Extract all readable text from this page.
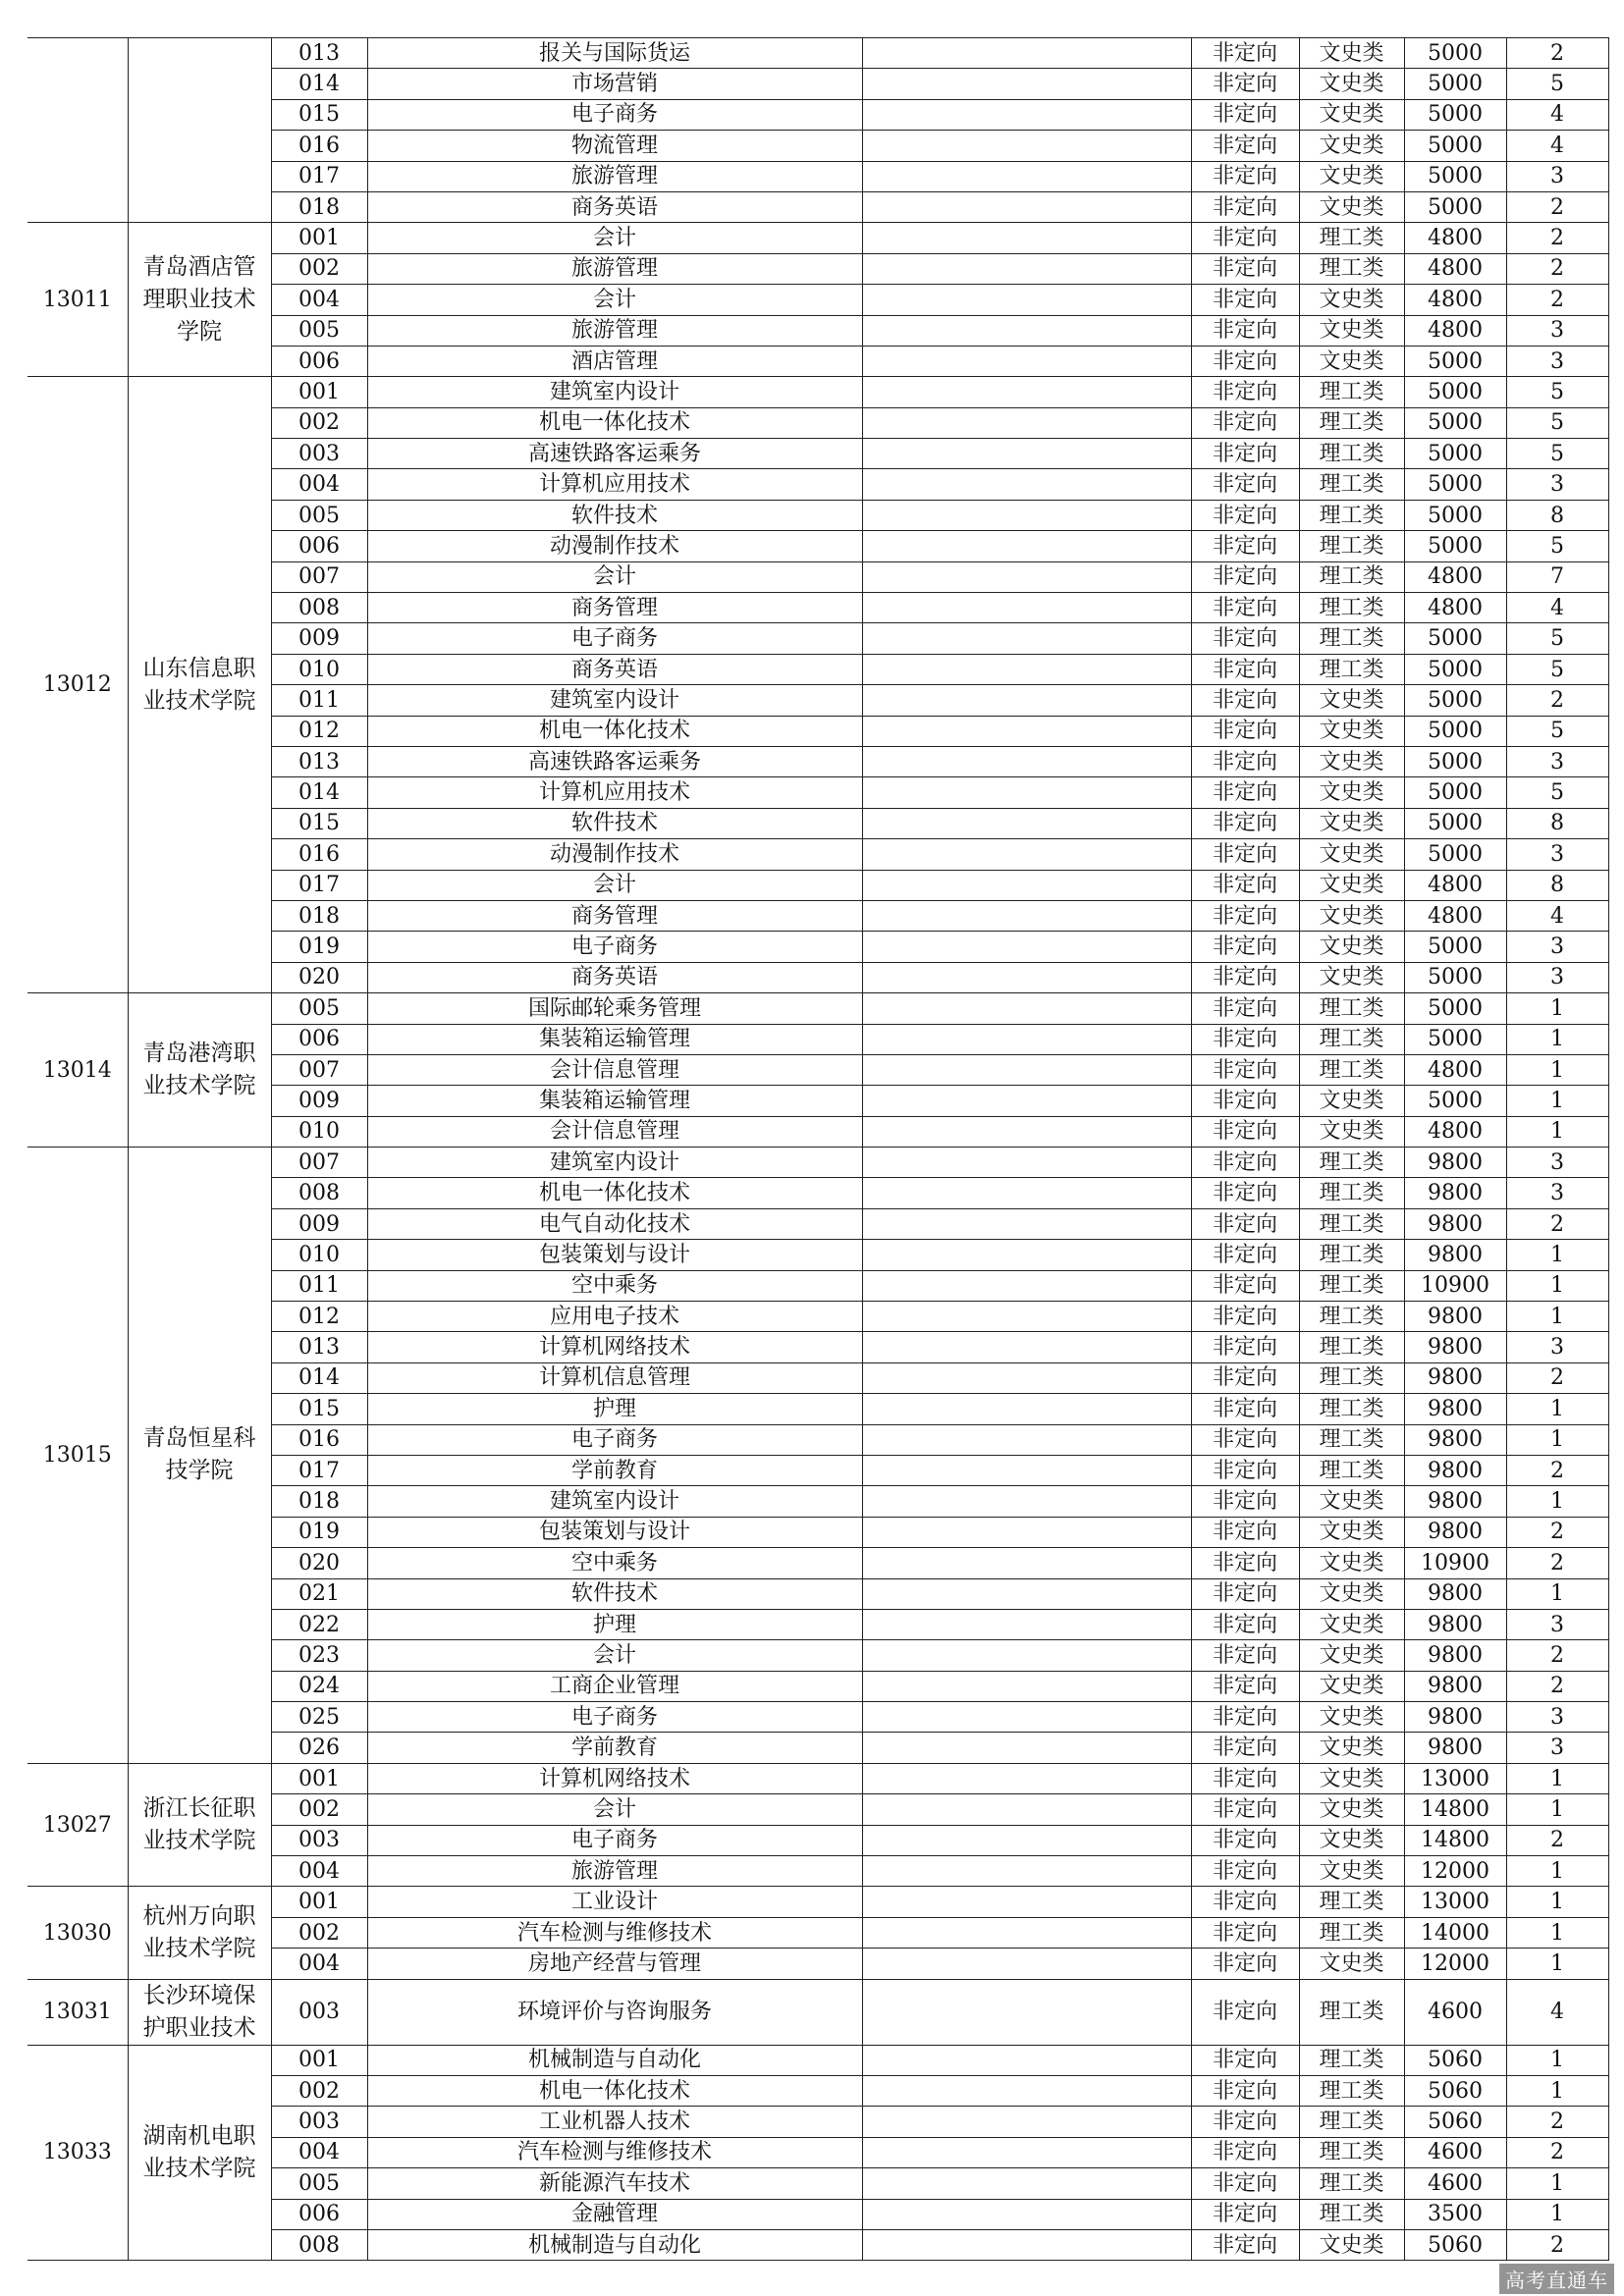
		013	报关与国际货运		非定向	文史类	5000	2
		014	市场营销		非定向	文史类	5000	5
		015	电子商务		非定向	文史类	5000	4
		016	物流管理		非定向	文史类	5000	4
		017	旅游管理		非定向	文史类	5000	3
		018	商务英语		非定向	文史类	5000	2
13011	青岛酒店管理职业技术学院	001	会计		非定向	理工类	4800	2
		002	旅游管理		非定向	理工类	4800	2
		004	会计		非定向	文史类	4800	2
		005	旅游管理		非定向	文史类	4800	3
		006	酒店管理		非定向	文史类	5000	3
13012	山东信息职业技术学院	001	建筑室内设计		非定向	理工类	5000	5
		002	机电一体化技术		非定向	理工类	5000	5
		003	高速铁路客运乘务		非定向	理工类	5000	5
		004	计算机应用技术		非定向	理工类	5000	3
		005	软件技术		非定向	理工类	5000	8
		006	动漫制作技术		非定向	理工类	5000	5
		007	会计		非定向	理工类	4800	7
		008	商务管理		非定向	理工类	4800	4
		009	电子商务		非定向	理工类	5000	5
		010	商务英语		非定向	理工类	5000	5
		011	建筑室内设计		非定向	文史类	5000	2
		012	机电一体化技术		非定向	文史类	5000	5
		013	高速铁路客运乘务		非定向	文史类	5000	3
		014	计算机应用技术		非定向	文史类	5000	5
		015	软件技术		非定向	文史类	5000	8
		016	动漫制作技术		非定向	文史类	5000	3
		017	会计		非定向	文史类	4800	8
		018	商务管理		非定向	文史类	4800	4
		019	电子商务		非定向	文史类	5000	3
		020	商务英语		非定向	文史类	5000	3
13014	青岛港湾职业技术学院	005	国际邮轮乘务管理		非定向	理工类	5000	1
		006	集装箱运输管理		非定向	理工类	5000	1
		007	会计信息管理		非定向	理工类	4800	1
		009	集装箱运输管理		非定向	文史类	5000	1
		010	会计信息管理		非定向	文史类	4800	1
13015	青岛恒星科技学院	007	建筑室内设计		非定向	理工类	9800	3
		008	机电一体化技术		非定向	理工类	9800	3
		009	电气自动化技术		非定向	理工类	9800	2
		010	包装策划与设计		非定向	理工类	9800	1
		011	空中乘务		非定向	理工类	10900	1
		012	应用电子技术		非定向	理工类	9800	1
		013	计算机网络技术		非定向	理工类	9800	3
		014	计算机信息管理		非定向	理工类	9800	2
		015	护理		非定向	理工类	9800	1
		016	电子商务		非定向	理工类	9800	1
		017	学前教育		非定向	理工类	9800	2
		018	建筑室内设计		非定向	文史类	9800	1
		019	包装策划与设计		非定向	文史类	9800	2
		020	空中乘务		非定向	文史类	10900	2
		021	软件技术		非定向	文史类	9800	1
		022	护理		非定向	文史类	9800	3
		023	会计		非定向	文史类	9800	2
		024	工商企业管理		非定向	文史类	9800	2
		025	电子商务		非定向	文史类	9800	3
		026	学前教育		非定向	文史类	9800	3
13027	浙江长征职业技术学院	001	计算机网络技术		非定向	文史类	13000	1
		002	会计		非定向	文史类	14800	1
		003	电子商务		非定向	文史类	14800	2
		004	旅游管理		非定向	文史类	12000	1
13030	杭州万向职业技术学院	001	工业设计		非定向	理工类	13000	1
		002	汽车检测与维修技术		非定向	理工类	14000	1
		004	房地产经营与管理		非定向	文史类	12000	1
13031	长沙环境保护职业技术	003	环境评价与咨询服务		非定向	理工类	4600	4
13033	湖南机电职业技术学院	001	机械制造与自动化		非定向	理工类	5060	1
		002	机电一体化技术		非定向	理工类	5060	1
		003	工业机器人技术		非定向	理工类	5060	2
		004	汽车检测与维修技术		非定向	理工类	4600	2
		005	新能源汽车技术		非定向	理工类	4600	1
		006	金融管理		非定向	理工类	3500	1
		008	机械制造与自动化		非定向	文史类	5060	2
高考直通车
